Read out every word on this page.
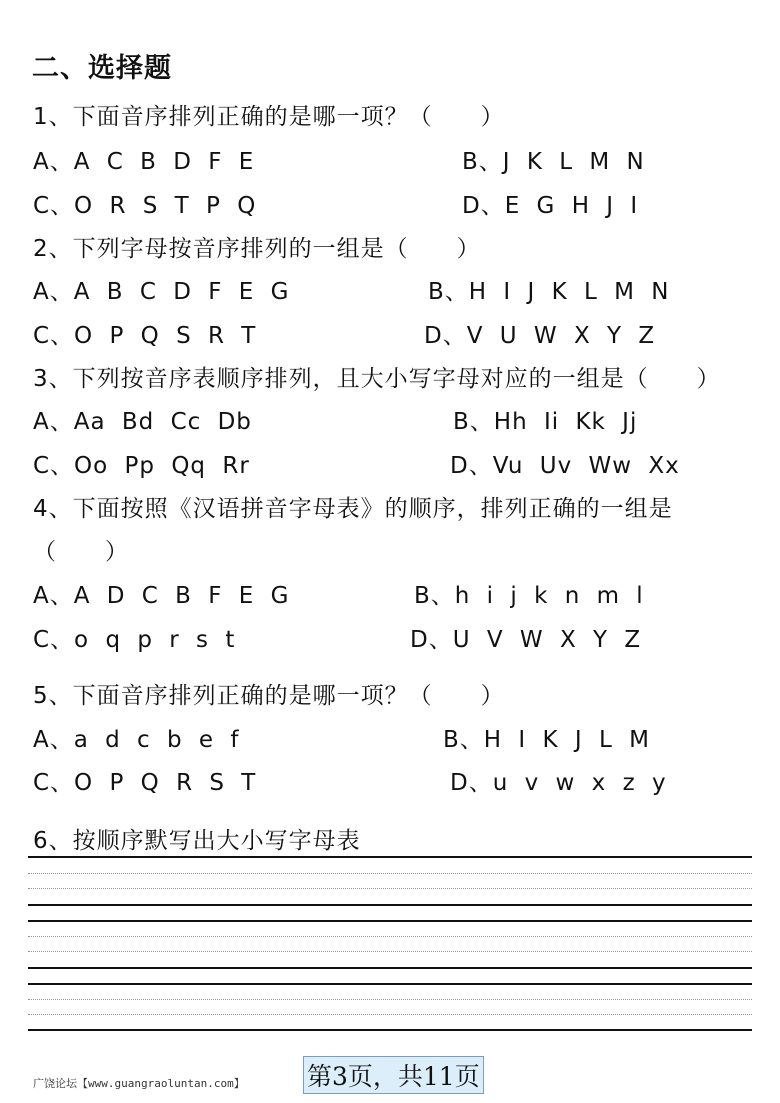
二、选择题
1、下面音序排列正确的是哪一项？（　　）
A、A C B D F E	B、J K L M N
C、O R S T P Q	D、E G H J I
2、下列字母按音序排列的一组是（　　）
A、A B C D F E G	B、H I J K L M N
C、O P Q S R T	D、V U W X Y Z
3、下列按音序表顺序排列，且大小写字母对应的一组是（　　）
A、Aa Bd Cc Db	B、Hh Ii Kk Jj
C、Oo Pp Qq Rr	D、Vu Uv Ww Xx
4、下面按照《汉语拼音字母表》的顺序，排列正确的一组是
（　　）
A、A D C B F E G	B、h i j k n m l
C、o q p r s t	D、U V W X Y Z
5、下面音序排列正确的是哪一项？（　　）
A、a d c b e f	B、H I K J L M
C、O P Q R S T	D、u v w x z y
6、按顺序默写出大小写字母表
广饶论坛【www.guangraoluntan.com】 第3页，共11页
